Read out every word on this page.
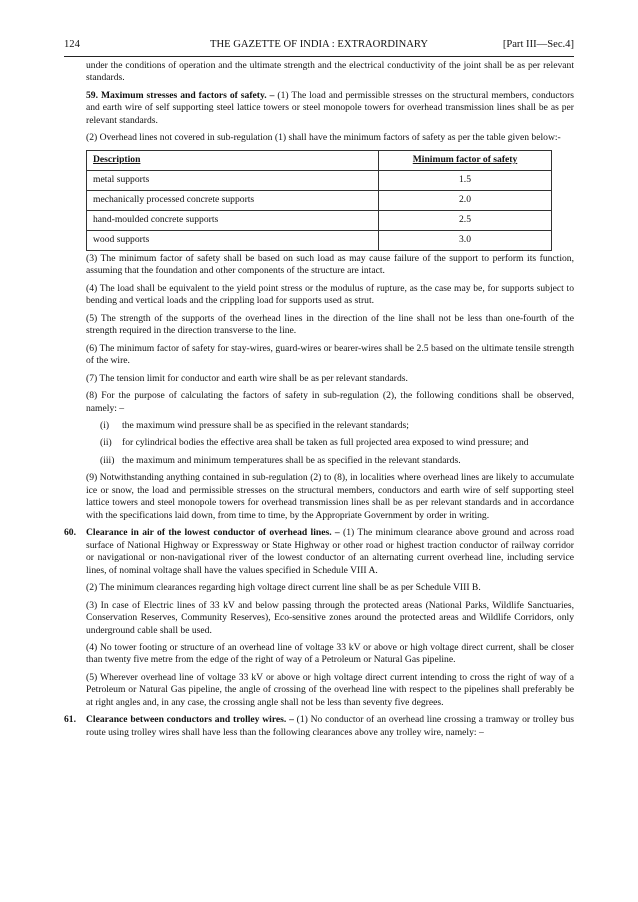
124	THE GAZETTE OF INDIA : EXTRAORDINARY	[Part III—Sec.4]

under the conditions of operation and the ultimate strength and the electrical conductivity of the joint shall be as per relevant standards.

59. Maximum stresses and factors of safety. – (1) The load and permissible stresses on the structural members, conductors and earth wire of self supporting steel lattice towers or steel monopole towers for overhead transmission lines shall be as per relevant standards.

(2) Overhead lines not covered in sub-regulation (1) shall have the minimum factors of safety as per the table given below:-

Description	Minimum factor of safety
metal supports	1.5
mechanically processed concrete supports	2.0
hand-moulded concrete supports	2.5
wood supports	3.0

(3) The minimum factor of safety shall be based on such load as may cause failure of the support to perform its function, assuming that the foundation and other components of the structure are intact.

(4) The load shall be equivalent to the yield point stress or the modulus of rupture, as the case may be, for supports subject to bending and vertical loads and the crippling load for supports used as strut.

(5) The strength of the supports of the overhead lines in the direction of the line shall not be less than one-fourth of the strength required in the direction transverse to the line.

(6) The minimum factor of safety for stay-wires, guard-wires or bearer-wires shall be 2.5 based on the ultimate tensile strength of the wire.

(7) The tension limit for conductor and earth wire shall be as per relevant standards.

(8) For the purpose of calculating the factors of safety in sub-regulation (2), the following conditions shall be observed, namely: –

(i)	the maximum wind pressure shall be as specified in the relevant standards;
(ii)	for cylindrical bodies the effective area shall be taken as full projected area exposed to wind pressure; and
(iii) the maximum and minimum temperatures shall be as specified in the relevant standards.

(9) Notwithstanding anything contained in sub-regulation (2) to (8), in localities where overhead lines are likely to accumulate ice or snow, the load and permissible stresses on the structural members, conductors and earth wire of self supporting steel lattice towers and steel monopole towers for overhead transmission lines shall be as per relevant standards and in accordance with the specifications laid down, from time to time, by the Appropriate Government by order in writing.

60.	Clearance in air of the lowest conductor of overhead lines. – (1) The minimum clearance above ground and across road surface of National Highway or Expressway or State Highway or other road or highest traction conductor of railway corridor or navigational or non-navigational river of the lowest conductor of an alternating current overhead line, including service lines, of nominal voltage shall have the values specified in Schedule VIII A.

(2) The minimum clearances regarding high voltage direct current line shall be as per Schedule VIII B.

(3) In case of Electric lines of 33 kV and below passing through the protected areas (National Parks, Wildlife Sanctuaries, Conservation Reserves, Community Reserves), Eco-sensitive zones around the protected areas and Wildlife Corridors, only underground cable shall be used.

(4) No tower footing or structure of an overhead line of voltage 33 kV or above or high voltage direct current, shall be closer than twenty five metre from the edge of the right of way of a Petroleum or Natural Gas pipeline.

(5) Wherever overhead line of voltage 33 kV or above or high voltage direct current intending to cross the right of way of a Petroleum or Natural Gas pipeline, the angle of crossing of the overhead line with respect to the pipelines shall preferably be at right angles and, in any case, the crossing angle shall not be less than seventy five degrees.

61.	Clearance between conductors and trolley wires. – (1) No conductor of an overhead line crossing a tramway or trolley bus route using trolley wires shall have less than the following clearances above any trolley wire, namely: –
